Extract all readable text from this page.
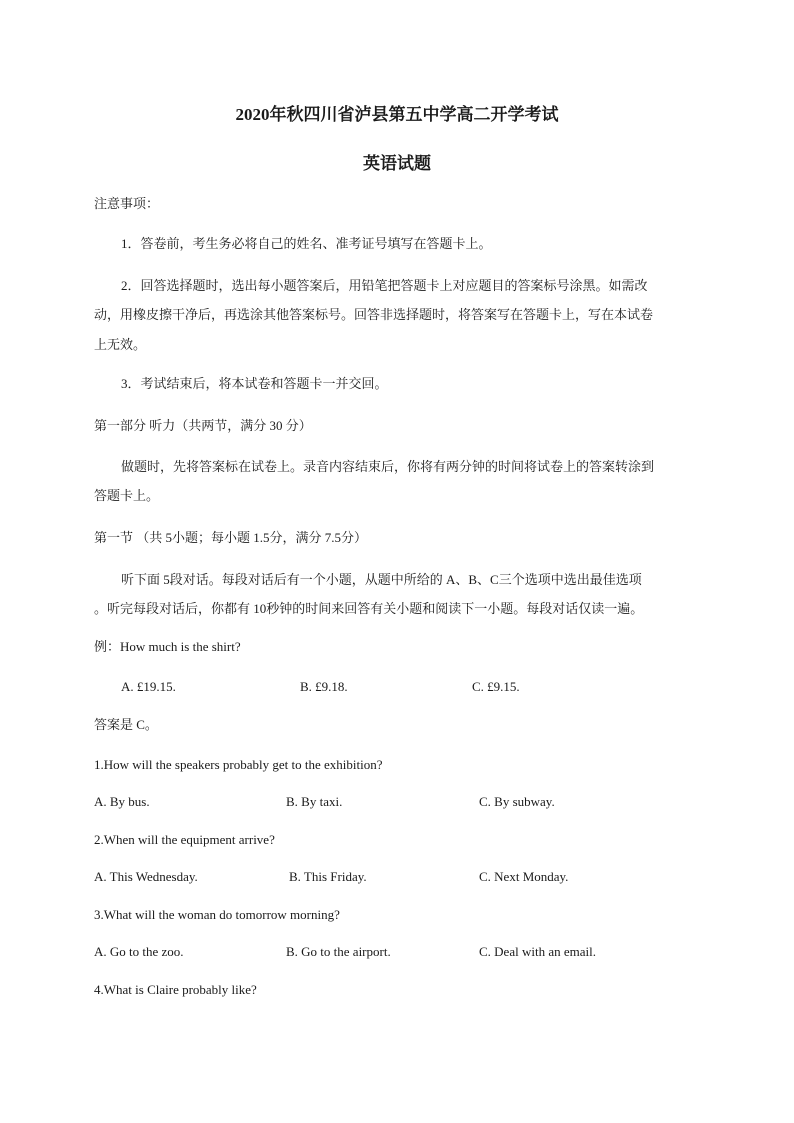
2020年秋四川省泸县第五中学高二开学考试
英语试题
注意事项：
1．答卷前，考生务必将自己的姓名、准考证号填写在答题卡上。
2．回答选择题时，选出每小题答案后，用铅笔把答题卡上对应题目的答案标号涂黑。如需改
动，用橡皮擦干净后，再选涂其他答案标号。回答非选择题时，将答案写在答题卡上，写在本试卷
上无效。
3．考试结束后，将本试卷和答题卡一并交回。
第一部分 听力（共两节，满分 30 分）
做题时，先将答案标在试卷上。录音内容结束后，你将有两分钟的时间将试卷上的答案转涂到
答题卡上。
第一节 （共 5小题；每小题 1.5分，满分 7.5分）
听下面 5段对话。每段对话后有一个小题，从题中所给的 A、B、C三个选项中选出最佳选项
。听完每段对话后，你都有 10秒钟的时间来回答有关小题和阅读下一小题。每段对话仅读一遍。
例：How much is the shirt?
A. £19.15.	B. £9.18.	C. £9.15.
答案是 C。
1.How will the speakers probably get to the exhibition?
A. By bus.	B. By taxi.	C. By subway.
2.When will the equipment arrive?
A. This Wednesday.	B. This Friday.	C. Next Monday.
3.What will the woman do tomorrow morning?
A. Go to the zoo.	B. Go to the airport.	C. Deal with an email.
4.What is Claire probably like?
